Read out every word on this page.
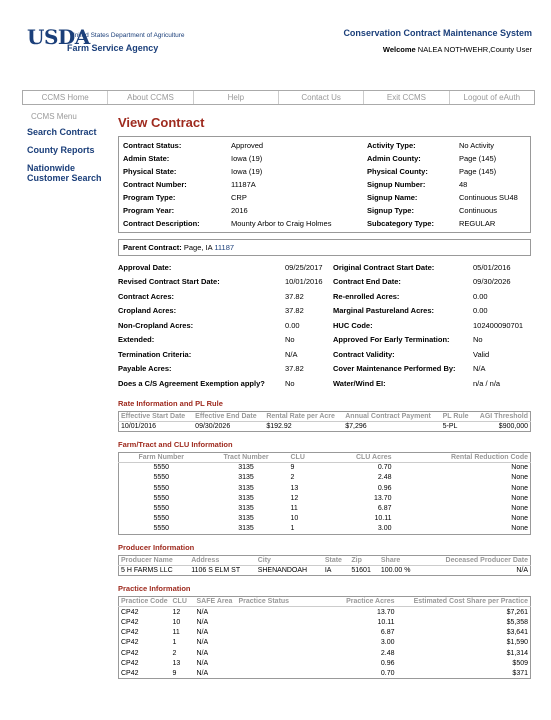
USDA
United States Department of Agriculture
Farm Service Agency
Conservation Contract Maintenance System
Welcome NALEA NOTHWEHR,County User
CCMS Home	About CCMS	Help	Contact Us	Exit CCMS	Logout of eAuth
CCMS Menu
Search Contract
County Reports
Nationwide Customer Search
View Contract
Contract Status:	Approved	Activity Type:	No Activity
Admin State:	Iowa (19)	Admin County:	Page (145)
Physical State:	Iowa (19)	Physical County:	Page (145)
Contract Number:	11187A	Signup Number:	48
Program Type:	CRP	Signup Name:	Continuous SU48
Program Year:	2016	Signup Type:	Continuous
Contract Description:	Mounty Arbor to Craig Holmes	Subcategory Type:	REGULAR
Parent Contract: Page, IA 11187
Approval Date:	09/25/2017	Original Contract Start Date:	05/01/2016
Revised Contract Start Date:	10/01/2016	Contract End Date:	09/30/2026
Contract Acres:	37.82	Re-enrolled Acres:	0.00
Cropland Acres:	37.82	Marginal Pastureland Acres:	0.00
Non-Cropland Acres:	0.00	HUC Code:	102400090701
Extended:	No	Approved For Early Termination:	No
Termination Criteria:	N/A	Contract Validity:	Valid
Payable Acres:	37.82	Cover Maintenance Performed By:	N/A
Does a C/S Agreement Exemption apply?	No	Water/Wind EI:	n/a / n/a
Rate Information and PL Rule
Effective Start Date	Effective End Date	Rental Rate per Acre	Annual Contract Payment	PL Rule	AGI Threshold
10/01/2016	09/30/2026	$192.92	$7,296	5-PL	$900,000
Farm/Tract and CLU Information
Farm Number	Tract Number	CLU	CLU Acres	Rental Reduction Code
5550	3135	9	0.70	None
5550	3135	2	2.48	None
5550	3135	13	0.96	None
5550	3135	12	13.70	None
5550	3135	11	6.87	None
5550	3135	10	10.11	None
5550	3135	1	3.00	None
Producer Information
Producer Name	Address	City	State	Zip	Share	Deceased Producer Date
5 H FARMS LLC	1106 S ELM ST	SHENANDOAH	IA	51601	100.00 %	N/A
Practice Information
Practice Code	CLU	SAFE Area	Practice Status	Practice Acres	Estimated Cost Share per Practice
CP42	12	N/A		13.70	$7,261
CP42	10	N/A		10.11	$5,358
CP42	11	N/A		6.87	$3,641
CP42	1	N/A		3.00	$1,590
CP42	2	N/A		2.48	$1,314
CP42	13	N/A		0.96	$509
CP42	9	N/A		0.70	$371
